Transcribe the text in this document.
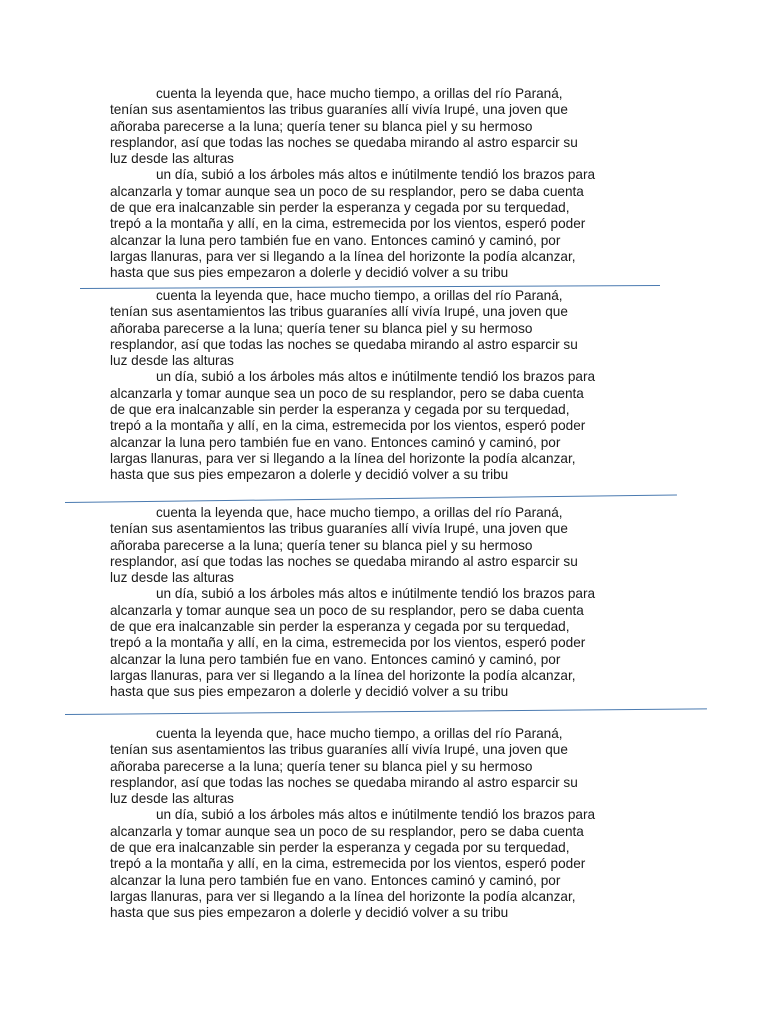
cuenta la leyenda que, hace mucho tiempo, a orillas del río Paraná,
tenían sus asentamientos las tribus guaraníes allí vivía Irupé, una joven que
añoraba parecerse a la luna; quería tener su blanca piel y su hermoso
resplandor, así que todas las noches se quedaba mirando al astro esparcir su
luz desde las alturas

un día, subió a los árboles más altos e inútilmente tendió los brazos para
alcanzarla y tomar aunque sea un poco de su resplandor, pero se daba cuenta
de que era inalcanzable sin perder la esperanza y cegada por su terquedad,
trepó a la montaña y allí, en la cima, estremecida por los vientos, esperó poder
alcanzar la luna pero también fue en vano. Entonces caminó y caminó, por
largas llanuras, para ver si llegando a la línea del horizonte la podía alcanzar,
hasta que sus pies empezaron a dolerle y decidió volver a su tribu

cuenta la leyenda que, hace mucho tiempo, a orillas del río Paraná,
tenían sus asentamientos las tribus guaraníes allí vivía Irupé, una joven que
añoraba parecerse a la luna; quería tener su blanca piel y su hermoso
resplandor, así que todas las noches se quedaba mirando al astro esparcir su
luz desde las alturas

un día, subió a los árboles más altos e inútilmente tendió los brazos para
alcanzarla y tomar aunque sea un poco de su resplandor, pero se daba cuenta
de que era inalcanzable sin perder la esperanza y cegada por su terquedad,
trepó a la montaña y allí, en la cima, estremecida por los vientos, esperó poder
alcanzar la luna pero también fue en vano. Entonces caminó y caminó, por
largas llanuras, para ver si llegando a la línea del horizonte la podía alcanzar,
hasta que sus pies empezaron a dolerle y decidió volver a su tribu

cuenta la leyenda que, hace mucho tiempo, a orillas del río Paraná,
tenían sus asentamientos las tribus guaraníes allí vivía Irupé, una joven que
añoraba parecerse a la luna; quería tener su blanca piel y su hermoso
resplandor, así que todas las noches se quedaba mirando al astro esparcir su
luz desde las alturas

un día, subió a los árboles más altos e inútilmente tendió los brazos para
alcanzarla y tomar aunque sea un poco de su resplandor, pero se daba cuenta
de que era inalcanzable sin perder la esperanza y cegada por su terquedad,
trepó a la montaña y allí, en la cima, estremecida por los vientos, esperó poder
alcanzar la luna pero también fue en vano. Entonces caminó y caminó, por
largas llanuras, para ver si llegando a la línea del horizonte la podía alcanzar,
hasta que sus pies empezaron a dolerle y decidió volver a su tribu

cuenta la leyenda que, hace mucho tiempo, a orillas del río Paraná,
tenían sus asentamientos las tribus guaraníes allí vivía Irupé, una joven que
añoraba parecerse a la luna; quería tener su blanca piel y su hermoso
resplandor, así que todas las noches se quedaba mirando al astro esparcir su
luz desde las alturas

un día, subió a los árboles más altos e inútilmente tendió los brazos para
alcanzarla y tomar aunque sea un poco de su resplandor, pero se daba cuenta
de que era inalcanzable sin perder la esperanza y cegada por su terquedad,
trepó a la montaña y allí, en la cima, estremecida por los vientos, esperó poder
alcanzar la luna pero también fue en vano. Entonces caminó y caminó, por
largas llanuras, para ver si llegando a la línea del horizonte la podía alcanzar,
hasta que sus pies empezaron a dolerle y decidió volver a su tribu
